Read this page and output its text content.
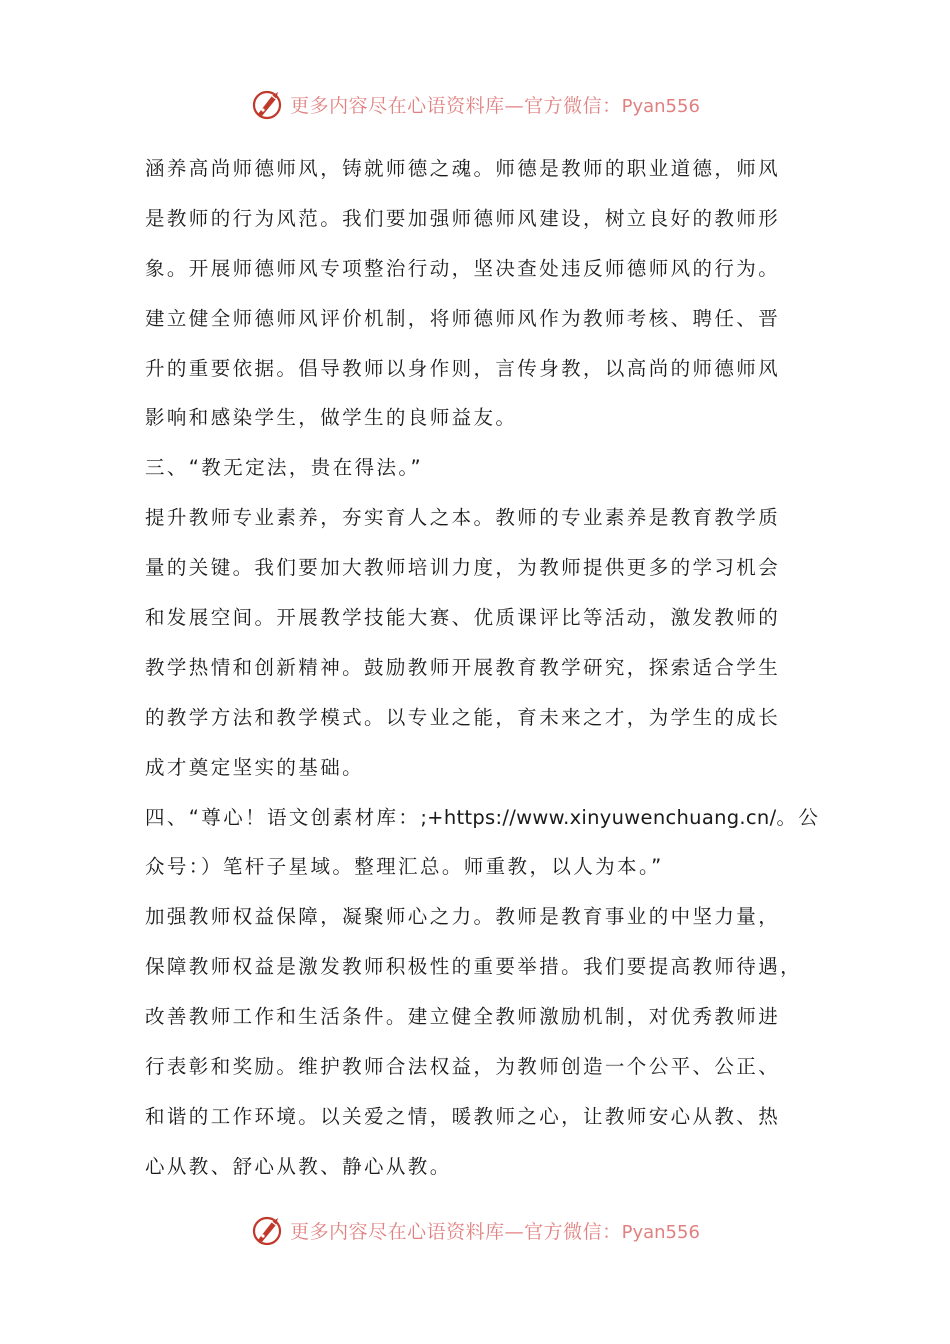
更多内容尽在心语资料库—官方微信：Pyan556
涵养高尚师德师风，铸就师德之魂。师德是教师的职业道德，师风
是教师的行为风范。我们要加强师德师风建设，树立良好的教师形
象。开展师德师风专项整治行动，坚决查处违反师德师风的行为。
建立健全师德师风评价机制，将师德师风作为教师考核、聘任、晋
升的重要依据。倡导教师以身作则，言传身教，以高尚的师德师风
影响和感染学生，做学生的良师益友。
三、“教无定法，贵在得法。”
提升教师专业素养，夯实育人之本。教师的专业素养是教育教学质
量的关键。我们要加大教师培训力度，为教师提供更多的学习机会
和发展空间。开展教学技能大赛、优质课评比等活动，激发教师的
教学热情和创新精神。鼓励教师开展教育教学研究，探索适合学生
的教学方法和教学模式。以专业之能，育未来之才，为学生的成长
成才奠定坚实的基础。
四、“尊心！语文创素材库：;+https://www.xinyuwenchuang.cn/。公
众号：）笔杆子星域。整理汇总。师重教，以人为本。”
加强教师权益保障，凝聚师心之力。教师是教育事业的中坚力量，
保障教师权益是激发教师积极性的重要举措。我们要提高教师待遇，
改善教师工作和生活条件。建立健全教师激励机制，对优秀教师进
行表彰和奖励。维护教师合法权益，为教师创造一个公平、公正、
和谐的工作环境。以关爱之情，暖教师之心，让教师安心从教、热
心从教、舒心从教、静心从教。
更多内容尽在心语资料库—官方微信：Pyan556
